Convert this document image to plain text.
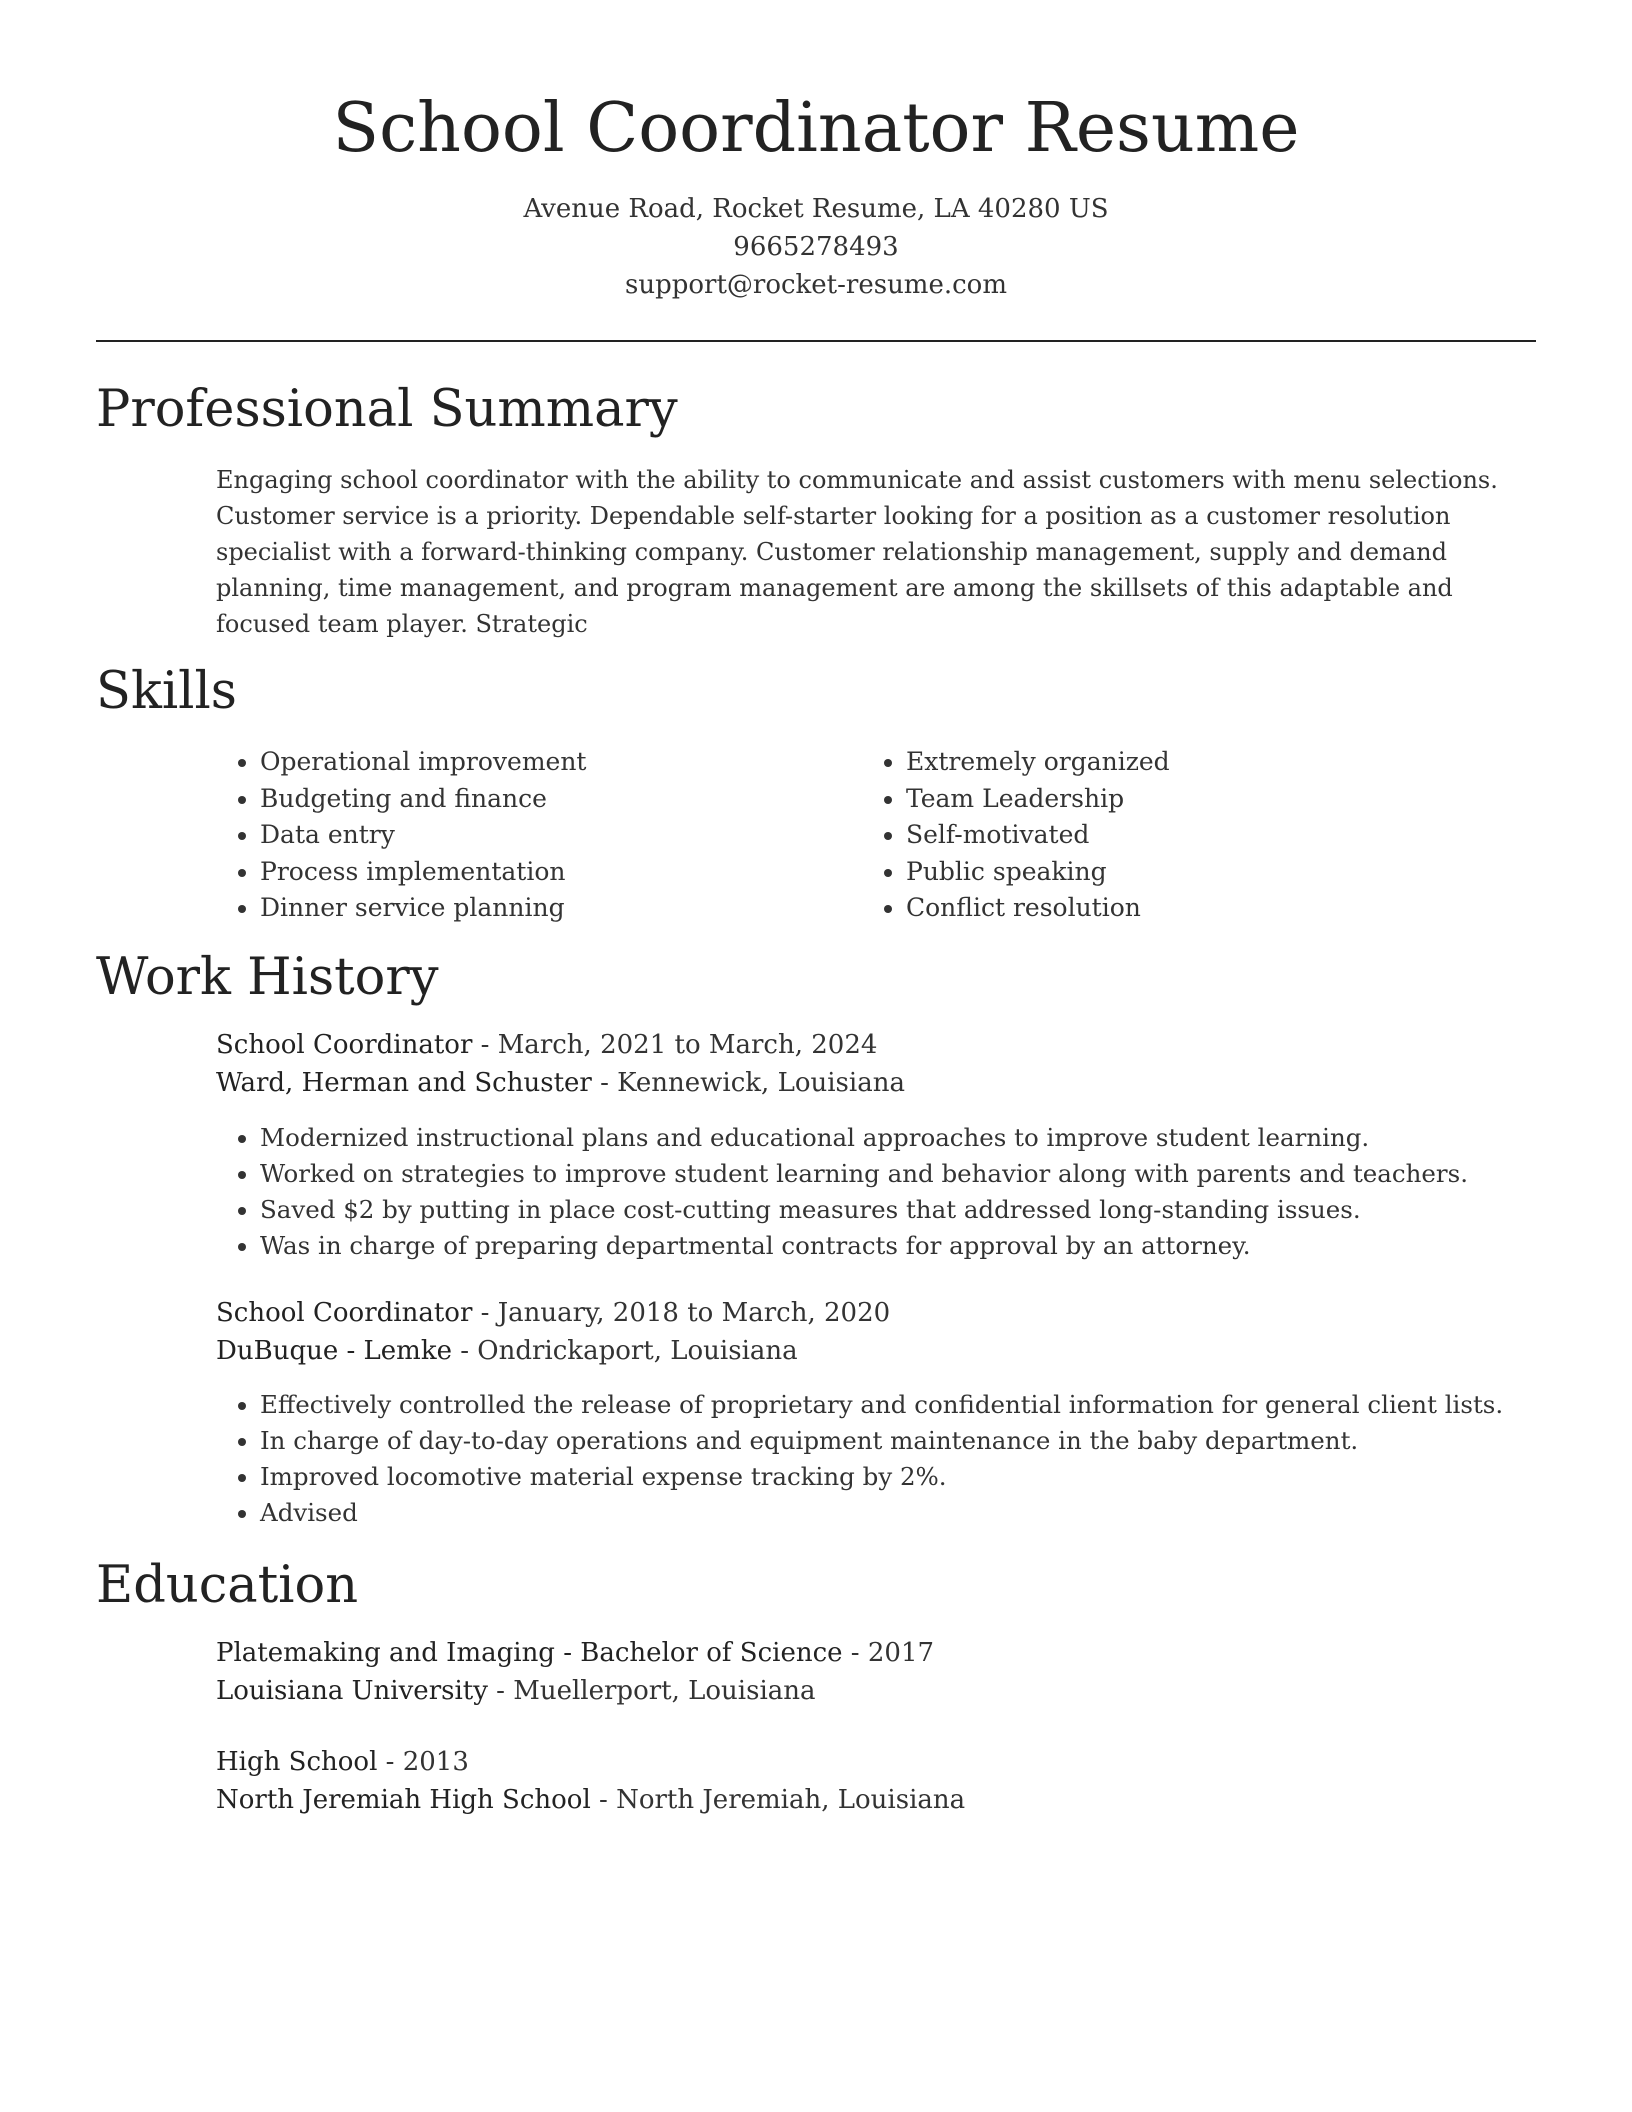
School Coordinator Resume

Avenue Road, Rocket Resume, LA 40280 US

9665278493

support@rocket-resume.com

Professional Summary

Engaging school coordinator with the ability to communicate and assist customers with menu selections. Customer service is a priority. Dependable self-starter looking for a position as a customer resolution specialist with a forward-thinking company. Customer relationship management, supply and demand planning, time management, and program management are among the skillsets of this adaptable and focused team player. Strategic

Skills
• Operational improvement
• Budgeting and finance
• Data entry
• Process implementation
• Dinner service planning
• Extremely organized
• Team Leadership
• Self-motivated
• Public speaking
• Conflict resolution
Work History

School Coordinator - March, 2021 to March, 2024

Ward, Herman and Schuster - Kennewick, Louisiana

• Modernized instructional plans and educational approaches to improve student learning.
• Worked on strategies to improve student learning and behavior along with parents and teachers.
• Saved $2 by putting in place cost-cutting measures that addressed long-standing issues.
• Was in charge of preparing departmental contracts for approval by an attorney.

School Coordinator - January, 2018 to March, 2020

DuBuque - Lemke - Ondrickaport, Louisiana

• Effectively controlled the release of proprietary and confidential information for general client lists.
• In charge of day-to-day operations and equipment maintenance in the baby department.
• Improved locomotive material expense tracking by 2%.
• Advised
Education

Platemaking and Imaging - Bachelor of Science - 2017

Louisiana University - Muellerport, Louisiana

High School - 2013

North Jeremiah High School - North Jeremiah, Louisiana
